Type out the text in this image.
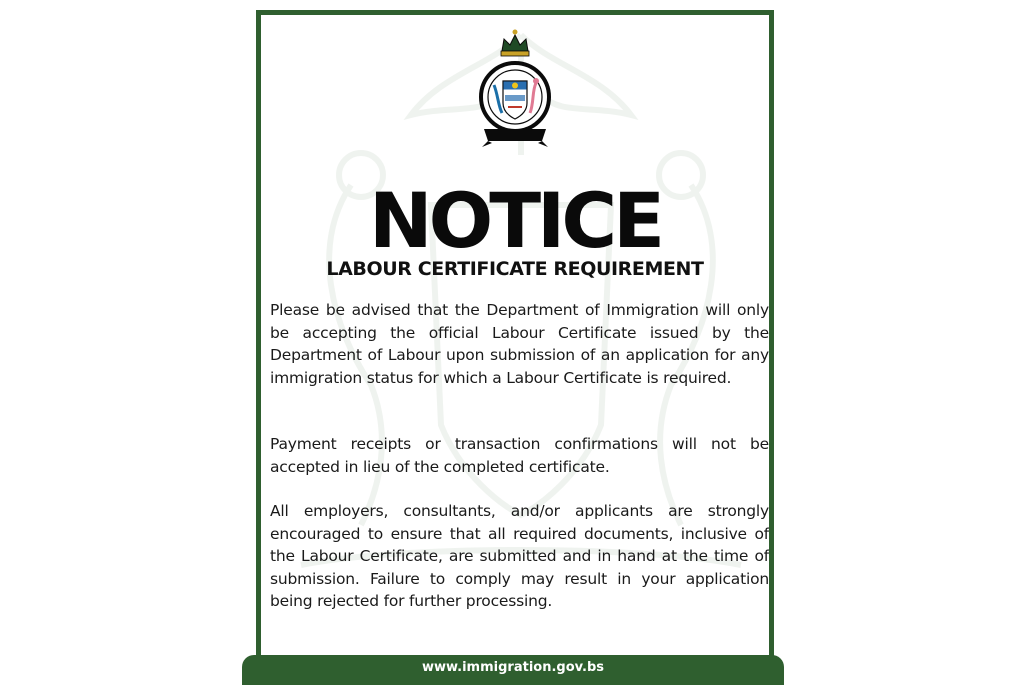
NOTICE
LABOUR CERTIFICATE REQUIREMENT
Please be advised that the Department of Immigration will only be accepting the official Labour Certificate issued by the Department of Labour upon submission of an application for any immigration status for which a Labour Certificate is required.
Payment receipts or transaction confirmations will not be accepted in lieu of the completed certificate.
All employers, consultants, and/or applicants are strongly encouraged to ensure that all required documents, inclusive of the Labour Certificate, are submitted and in hand at the time of submission. Failure to comply may result in your application being rejected for further processing.
www.immigration.gov.bs
